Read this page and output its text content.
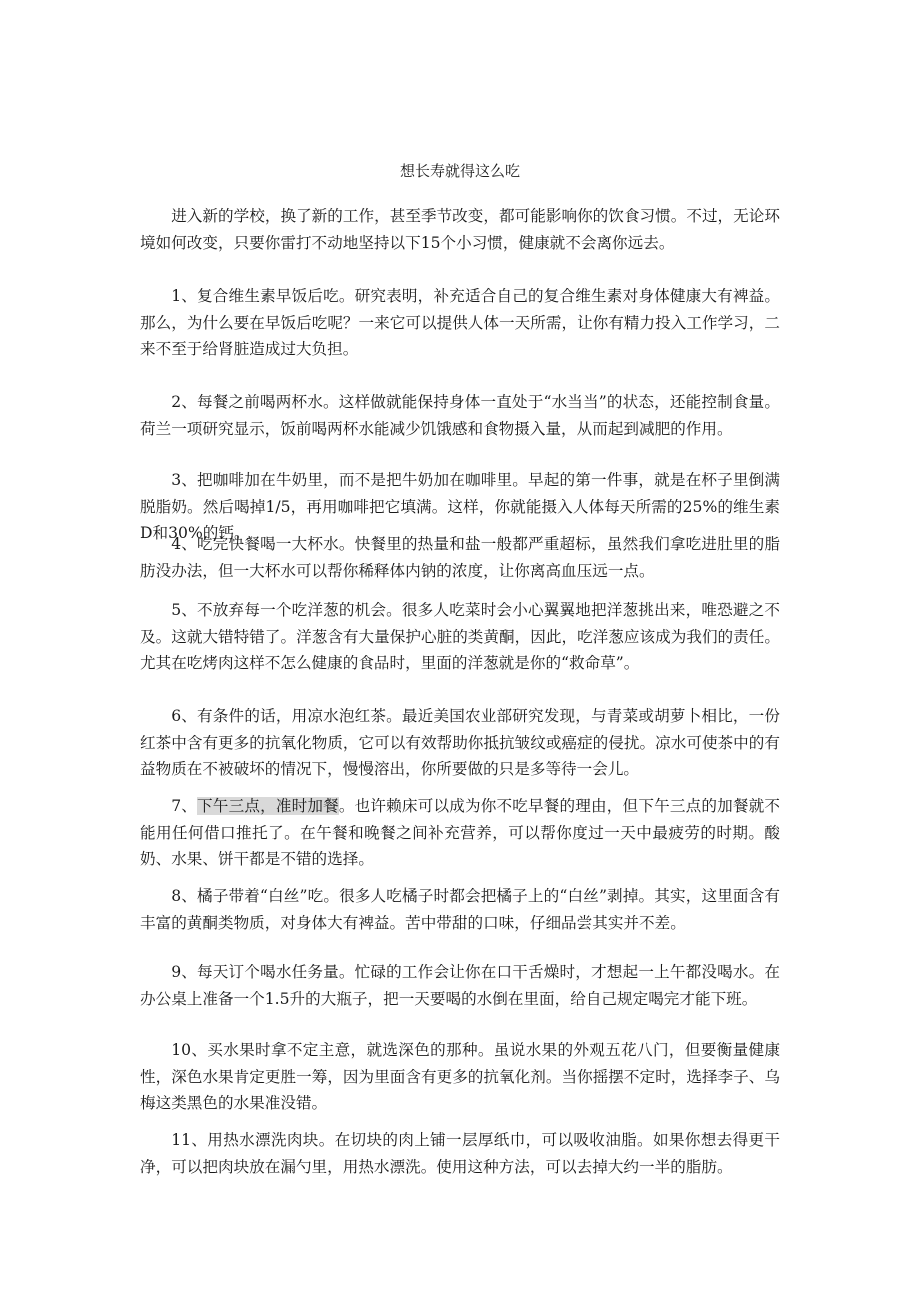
想长寿就得这么吃

进入新的学校，换了新的工作，甚至季节改变，都可能影响你的饮食习惯。不过，无论环境如何改变，只要你雷打不动地坚持以下15个小习惯，健康就不会离你远去。

1、复合维生素早饭后吃。研究表明，补充适合自己的复合维生素对身体健康大有裨益。那么，为什么要在早饭后吃呢？一来它可以提供人体一天所需，让你有精力投入工作学习，二来不至于给肾脏造成过大负担。

2、每餐之前喝两杯水。这样做就能保持身体一直处于“水当当”的状态，还能控制食量。荷兰一项研究显示，饭前喝两杯水能减少饥饿感和食物摄入量，从而起到减肥的作用。

3、把咖啡加在牛奶里，而不是把牛奶加在咖啡里。早起的第一件事，就是在杯子里倒满脱脂奶。然后喝掉1/5，再用咖啡把它填满。这样，你就能摄入人体每天所需的25%的维生素D和30%的钙。

4、吃完快餐喝一大杯水。快餐里的热量和盐一般都严重超标，虽然我们拿吃进肚里的脂肪没办法，但一大杯水可以帮你稀释体内钠的浓度，让你离高血压远一点。

5、不放弃每一个吃洋葱的机会。很多人吃菜时会小心翼翼地把洋葱挑出来，唯恐避之不及。这就大错特错了。洋葱含有大量保护心脏的类黄酮，因此，吃洋葱应该成为我们的责任。尤其在吃烤肉这样不怎么健康的食品时，里面的洋葱就是你的“救命草”。

6、有条件的话，用凉水泡红茶。最近美国农业部研究发现，与青菜或胡萝卜相比，一份红茶中含有更多的抗氧化物质，它可以有效帮助你抵抗皱纹或癌症的侵扰。凉水可使茶中的有益物质在不被破坏的情况下，慢慢溶出，你所要做的只是多等待一会儿。

7、下午三点，准时加餐。也许赖床可以成为你不吃早餐的理由，但下午三点的加餐就不能用任何借口推托了。在午餐和晚餐之间补充营养，可以帮你度过一天中最疲劳的时期。酸奶、水果、饼干都是不错的选择。

8、橘子带着“白丝”吃。很多人吃橘子时都会把橘子上的“白丝”剥掉。其实，这里面含有丰富的黄酮类物质，对身体大有裨益。苦中带甜的口味，仔细品尝其实并不差。

9、每天订个喝水任务量。忙碌的工作会让你在口干舌燥时，才想起一上午都没喝水。在办公桌上准备一个1.5升的大瓶子，把一天要喝的水倒在里面，给自己规定喝完才能下班。

10、买水果时拿不定主意，就选深色的那种。虽说水果的外观五花八门，但要衡量健康性，深色水果肯定更胜一筹，因为里面含有更多的抗氧化剂。当你摇摆不定时，选择李子、乌梅这类黑色的水果准没错。

11、用热水漂洗肉块。在切块的肉上铺一层厚纸巾，可以吸收油脂。如果你想去得更干净，可以把肉块放在漏勺里，用热水漂洗。使用这种方法，可以去掉大约一半的脂肪。
